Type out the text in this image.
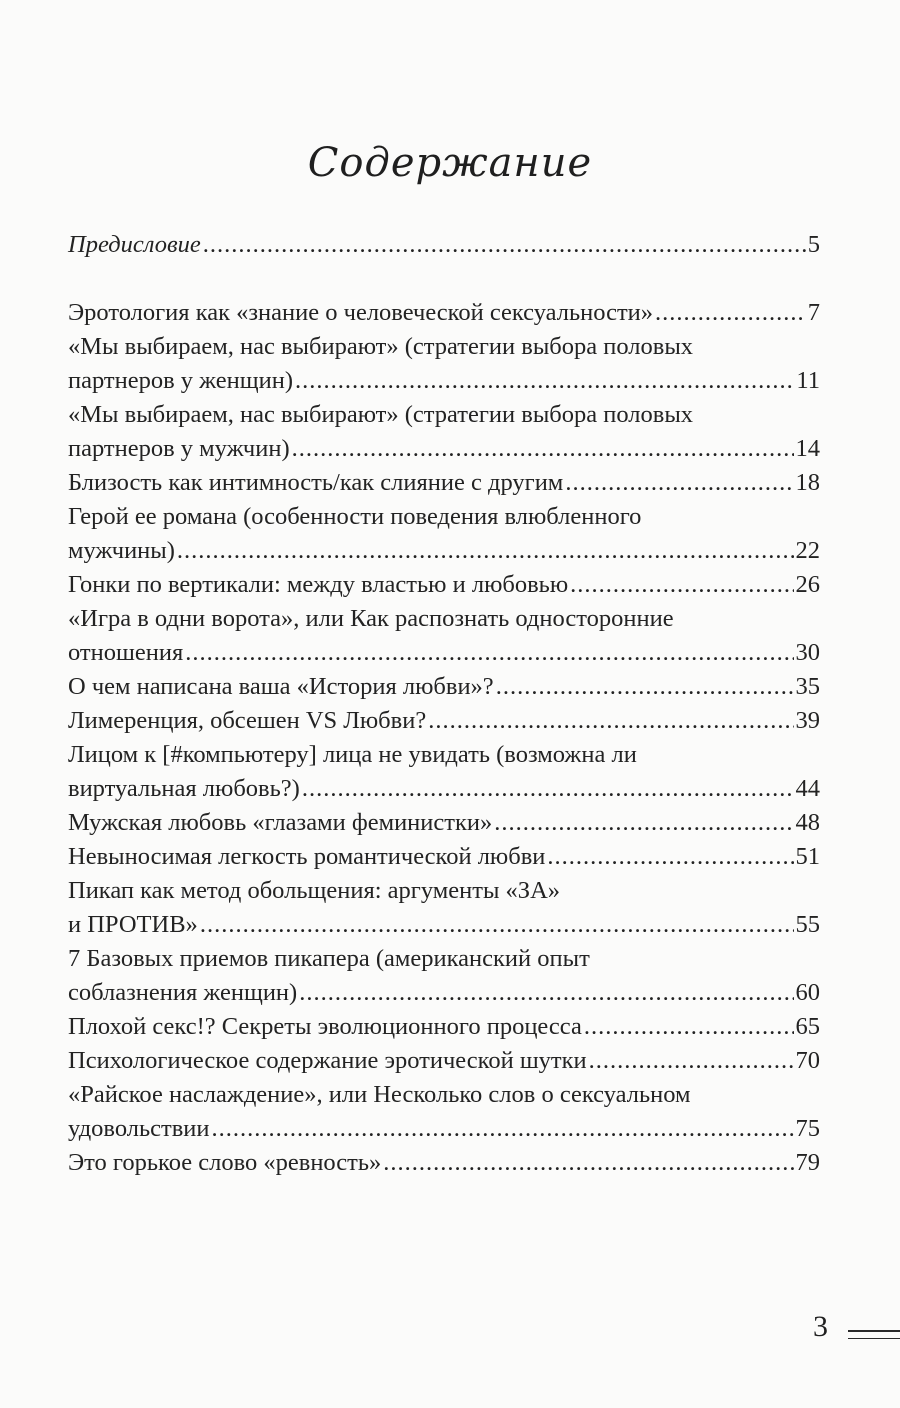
Содержание
Предисловие .....	5
Эротология как «знание о человеческой сексуальности» .....	7
«Мы выбираем, нас выбирают» (стратегии выбора половых
партнеров у женщин) .....	11
«Мы выбираем, нас выбирают» (стратегии выбора половых
партнеров у мужчин) .....	14
Близость как интимность/как слияние с другим .....	18
Герой ее романа (особенности поведения влюбленного
мужчины) .....	22
Гонки по вертикали: между властью и любовью .....	26
«Игра в одни ворота», или Как распознать односторонние
отношения .....	30
О чем написана ваша «История любви»? .....	35
Лимеренция, обсешен VS Любви? .....	39
Лицом к [#компьютеру] лица не увидать (возможна ли
виртуальная любовь?) .....	44
Мужская любовь «глазами феминистки» .....	48
Невыносимая легкость романтической любви .....	51
Пикап как метод обольщения: аргументы «ЗА»
и ПРОТИВ» .....	55
7 Базовых приемов пикапера (американский опыт
соблазнения женщин) .....	60
Плохой секс!? Секреты эволюционного процесса .....	65
Психологическое содержание эротической шутки .....	70
«Райское наслаждение», или Несколько слов о сексуальном
удовольствии .....	75
Это горькое слово «ревность» .....	79
3
